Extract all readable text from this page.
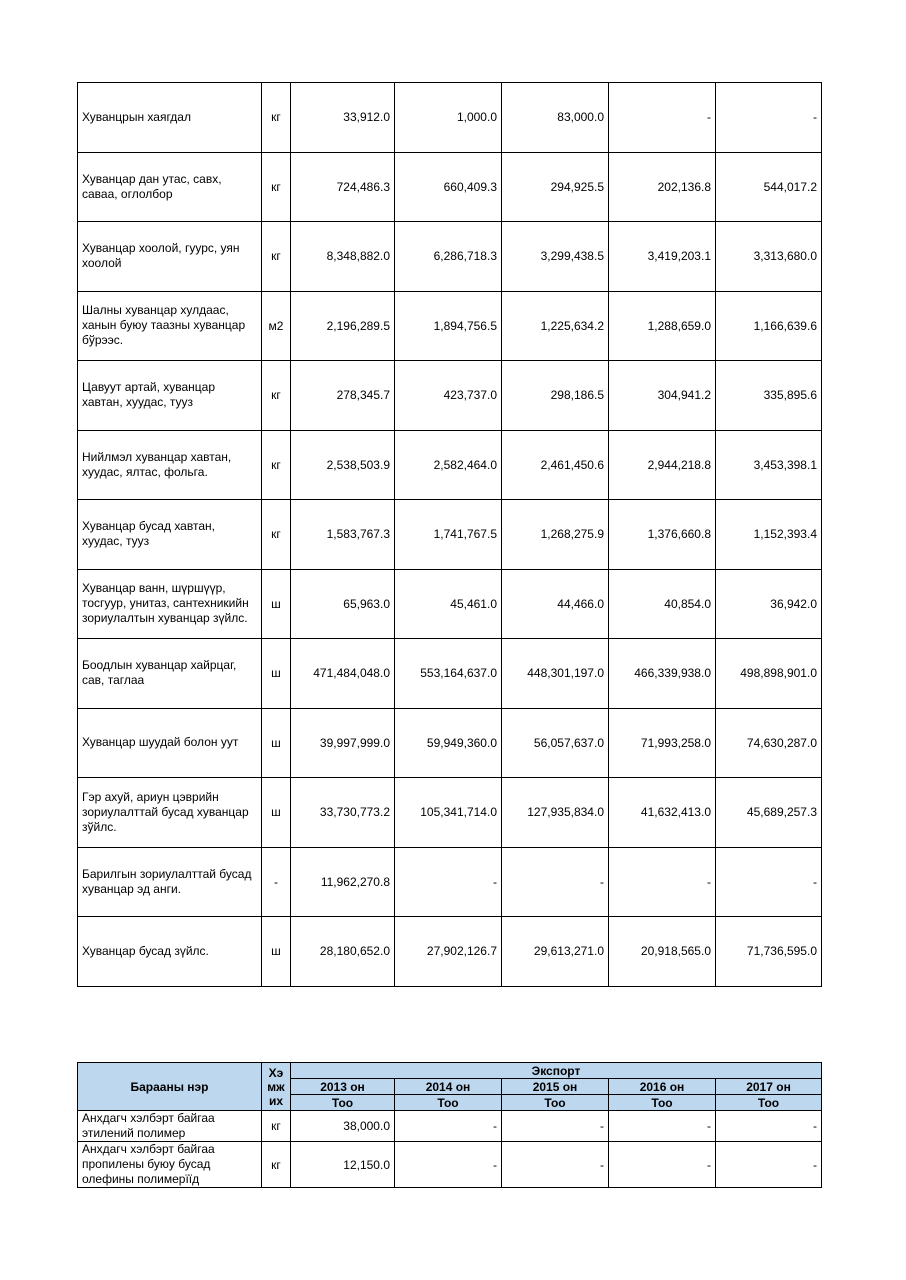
Хуванцрын хаягдал	кг	33,912.0	1,000.0	83,000.0	-	-
Хуванцар дан утас, савх, саваа, оглолбор	кг	724,486.3	660,409.3	294,925.5	202,136.8	544,017.2
Хуванцар хоолой, гуурс, уян хоолой	кг	8,348,882.0	6,286,718.3	3,299,438.5	3,419,203.1	3,313,680.0
Шалны хуванцар хулдаас, ханын буюу таазны хуванцар бўрээс.	м2	2,196,289.5	1,894,756.5	1,225,634.2	1,288,659.0	1,166,639.6
Цавуут артай, хуванцар хавтан, хуудас, тууз	кг	278,345.7	423,737.0	298,186.5	304,941.2	335,895.6
Нийлмэл хуванцар хавтан, хуудас, ялтас, фольга.	кг	2,538,503.9	2,582,464.0	2,461,450.6	2,944,218.8	3,453,398.1
Хуванцар бусад хавтан, хуудас, тууз	кг	1,583,767.3	1,741,767.5	1,268,275.9	1,376,660.8	1,152,393.4
Хуванцар ванн, шүршүүр, тосгуур, унитаз, сантехникийн зориулалтын хуванцар зүйлс.	ш	65,963.0	45,461.0	44,466.0	40,854.0	36,942.0
Боодлын хуванцар хайрцаг, сав, таглаа	ш	471,484,048.0	553,164,637.0	448,301,197.0	466,339,938.0	498,898,901.0
Хуванцар шуудай болон уут	ш	39,997,999.0	59,949,360.0	56,057,637.0	71,993,258.0	74,630,287.0
Гэр ахуй, ариун цэврийн зориулалттай бусад хуванцар зўйлс.	ш	33,730,773.2	105,341,714.0	127,935,834.0	41,632,413.0	45,689,257.3
Барилгын зориулалттай бусад хуванцар эд анги.	-	11,962,270.8	-	-	-	-
Хуванцар бусад зүйлс.	ш	28,180,652.0	27,902,126.7	29,613,271.0	20,918,565.0	71,736,595.0
Барааны нэр	Хэ
мж
их	Экспорт				
		2013 он	2014 он	2015 он	2016 он	2017 он
		Тоо	Тоо	Тоо	Тоо	Тоо
Анхдагч хэлбэрт байгаа этилений полимер	кг	38,000.0	-	-	-	-
Анхдагч хэлбэрт байгаа пропилены буюу бусад олефины полимерїїд	кг	12,150.0	-	-	-	-
